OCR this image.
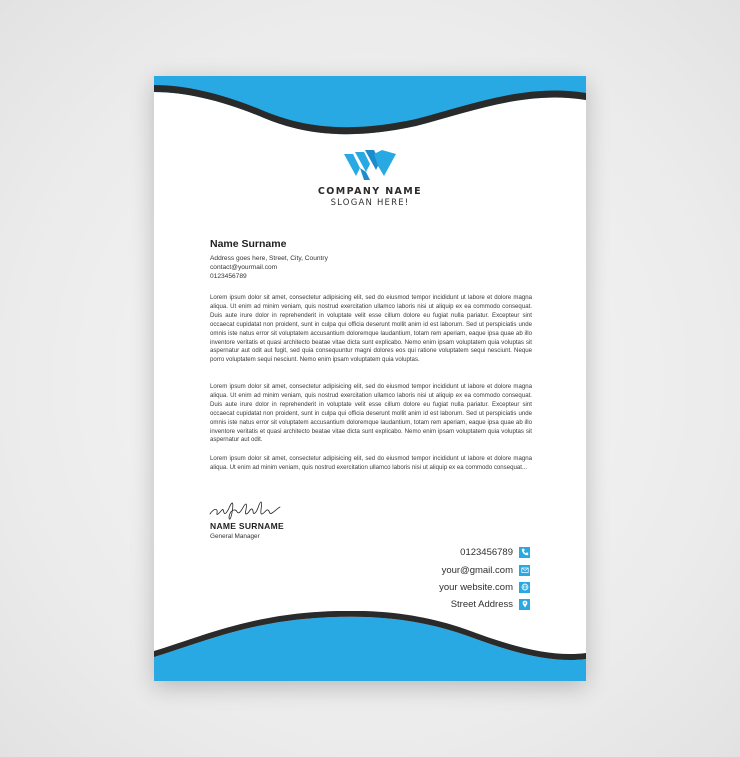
COMPANY NAME
SLOGAN HERE!
Name Surname
Address goes here, Street, City, Country
contact@yourmail.com
0123456789

Lorem ipsum dolor sit amet, consectetur adipisicing elit, sed do eiusmod tempor incididunt ut labore et dolore magna aliqua. Ut enim ad minim veniam, quis nostrud exercitation ullamco laboris nisi ut aliquip ex ea commodo consequat. Duis aute irure dolor in reprehenderit in voluptate velit esse cillum dolore eu fugiat nulla pariatur. Excepteur sint occaecat cupidatat non proident, sunt in culpa qui officia deserunt mollit anim id est laborum. Sed ut perspiciatis unde omnis iste natus error sit voluptatem accusantium doloremque laudantium, totam rem aperiam, eaque ipsa quae ab illo inventore veritatis et quasi architecto beatae vitae dicta sunt explicabo. Nemo enim ipsam voluptatem quia voluptas sit aspernatur aut odit aut fugit, sed quia consequuntur magni dolores eos qui ratione voluptatem sequi nesciunt. Neque porro voluptatem sequi nesciunt. Nemo enim ipsam voluptatem quia voluptas.

Lorem ipsum dolor sit amet, consectetur adipisicing elit, sed do eiusmod tempor incididunt ut labore et dolore magna aliqua. Ut enim ad minim veniam, quis nostrud exercitation ullamco laboris nisi ut aliquip ex ea commodo consequat. Duis aute irure dolor in reprehenderit in voluptate velit esse cillum dolore eu fugiat nulla pariatur. Excepteur sint occaecat cupidatat non proident, sunt in culpa qui officia deserunt mollit anim id est laborum. Sed ut perspiciatis unde omnis iste natus error sit voluptatem accusantium doloremque laudantium, totam rem aperiam, eaque ipsa quae ab illo inventore veritatis et quasi architecto beatae vitae dicta sunt explicabo. Nemo enim ipsam voluptatem quia voluptas sit aspernatur aut odit.

Lorem ipsum dolor sit amet, consectetur adipisicing elit, sed do eiusmod tempor incididunt ut labore et dolore magna aliqua. Ut enim ad minim veniam, quis nostrud exercitation ullamco laboris nisi ut aliquip ex ea commodo consequat...

NAME SURNAME
General Manager
0123456789
your@gmail.com
your website.com
Street Address
